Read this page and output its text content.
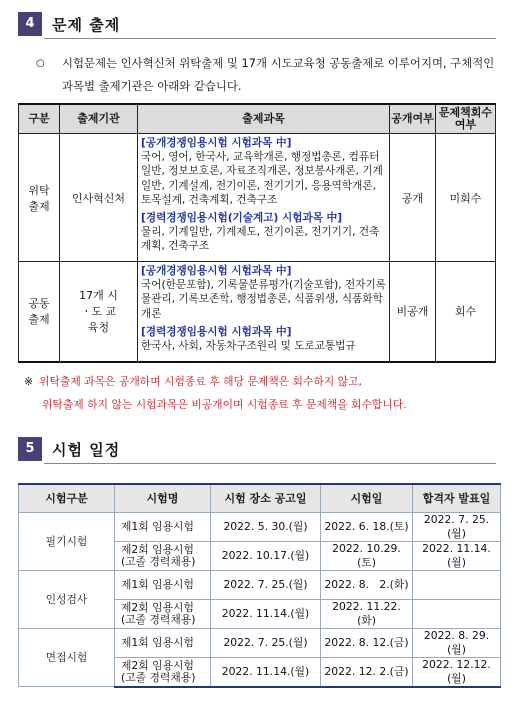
4	문제 출제
○	시험문제는 인사혁신처 위탁출제 및 17개 시도교육청 공동출제로 이루어지며, 구체적인 과목별 출제기관은 아래와 같습니다.
구분	출제기관	출제과목	공개여부	문제책회수여부
위탁출제	인사혁신처	[공개경쟁임용시험 시험과목 中]
국어, 영어, 한국사, 교육학개론, 행정법총론, 컴퓨터일반, 정보보호론, 자료조직개론, 정보봉사개론, 기계일반, 기계설계, 전기이론, 전기기기, 응용역학개론, 토목설계, 건축계획, 건축구조
[경력경쟁임용시험(기술계고) 시험과목 中]
물리, 기계일반, 기계제도, 전기이론, 전기기기, 건축계획, 건축구조	공개	미회수
공동출제	17개 시ㆍ도 교육청	[공개경쟁임용시험 시험과목 中]
국어(한문포함), 기록물분류평가(기술포함), 전자기록물관리, 기록보존학, 행정법총론, 식품위생, 식품화학개론
[경력경쟁임용시험 시험과목 中]
한국사, 사회, 자동차구조원리 및 도로교통법규	비공개	회수
※ 위탁출제 과목은 공개하며 시험종료 후 해당 문제책은 회수하지 않고,
위탁출제 하지 않는 시험과목은 비공개이며 시험종료 후 문제책을 회수합니다.
5	시험 일정
시험구분	시험명	시험 장소 공고일	시험일	합격자 발표일
필기시험	제1회 임용시험	2022. 5. 30.(월)	2022. 6. 18.(토)	2022. 7. 25.(월)
	제2회 임용시험 (고졸 경력채용)	2022. 10.17.(월)	2022. 10.29.(토)	2022. 11.14.(월)
인성검사	제1회 임용시험	2022. 7. 25.(월)	2022. 8.   2.(화)	
	제2회 임용시험 (고졸 경력채용)	2022. 11.14.(월)	2022. 11.22.(화)	
면접시험	제1회 임용시험	2022. 7. 25.(월)	2022. 8. 12.(금)	2022. 8. 29.(월)
	제2회 임용시험 (고졸 경력채용)	2022. 11.14.(월)	2022. 12. 2.(금)	2022. 12.12.(월)
